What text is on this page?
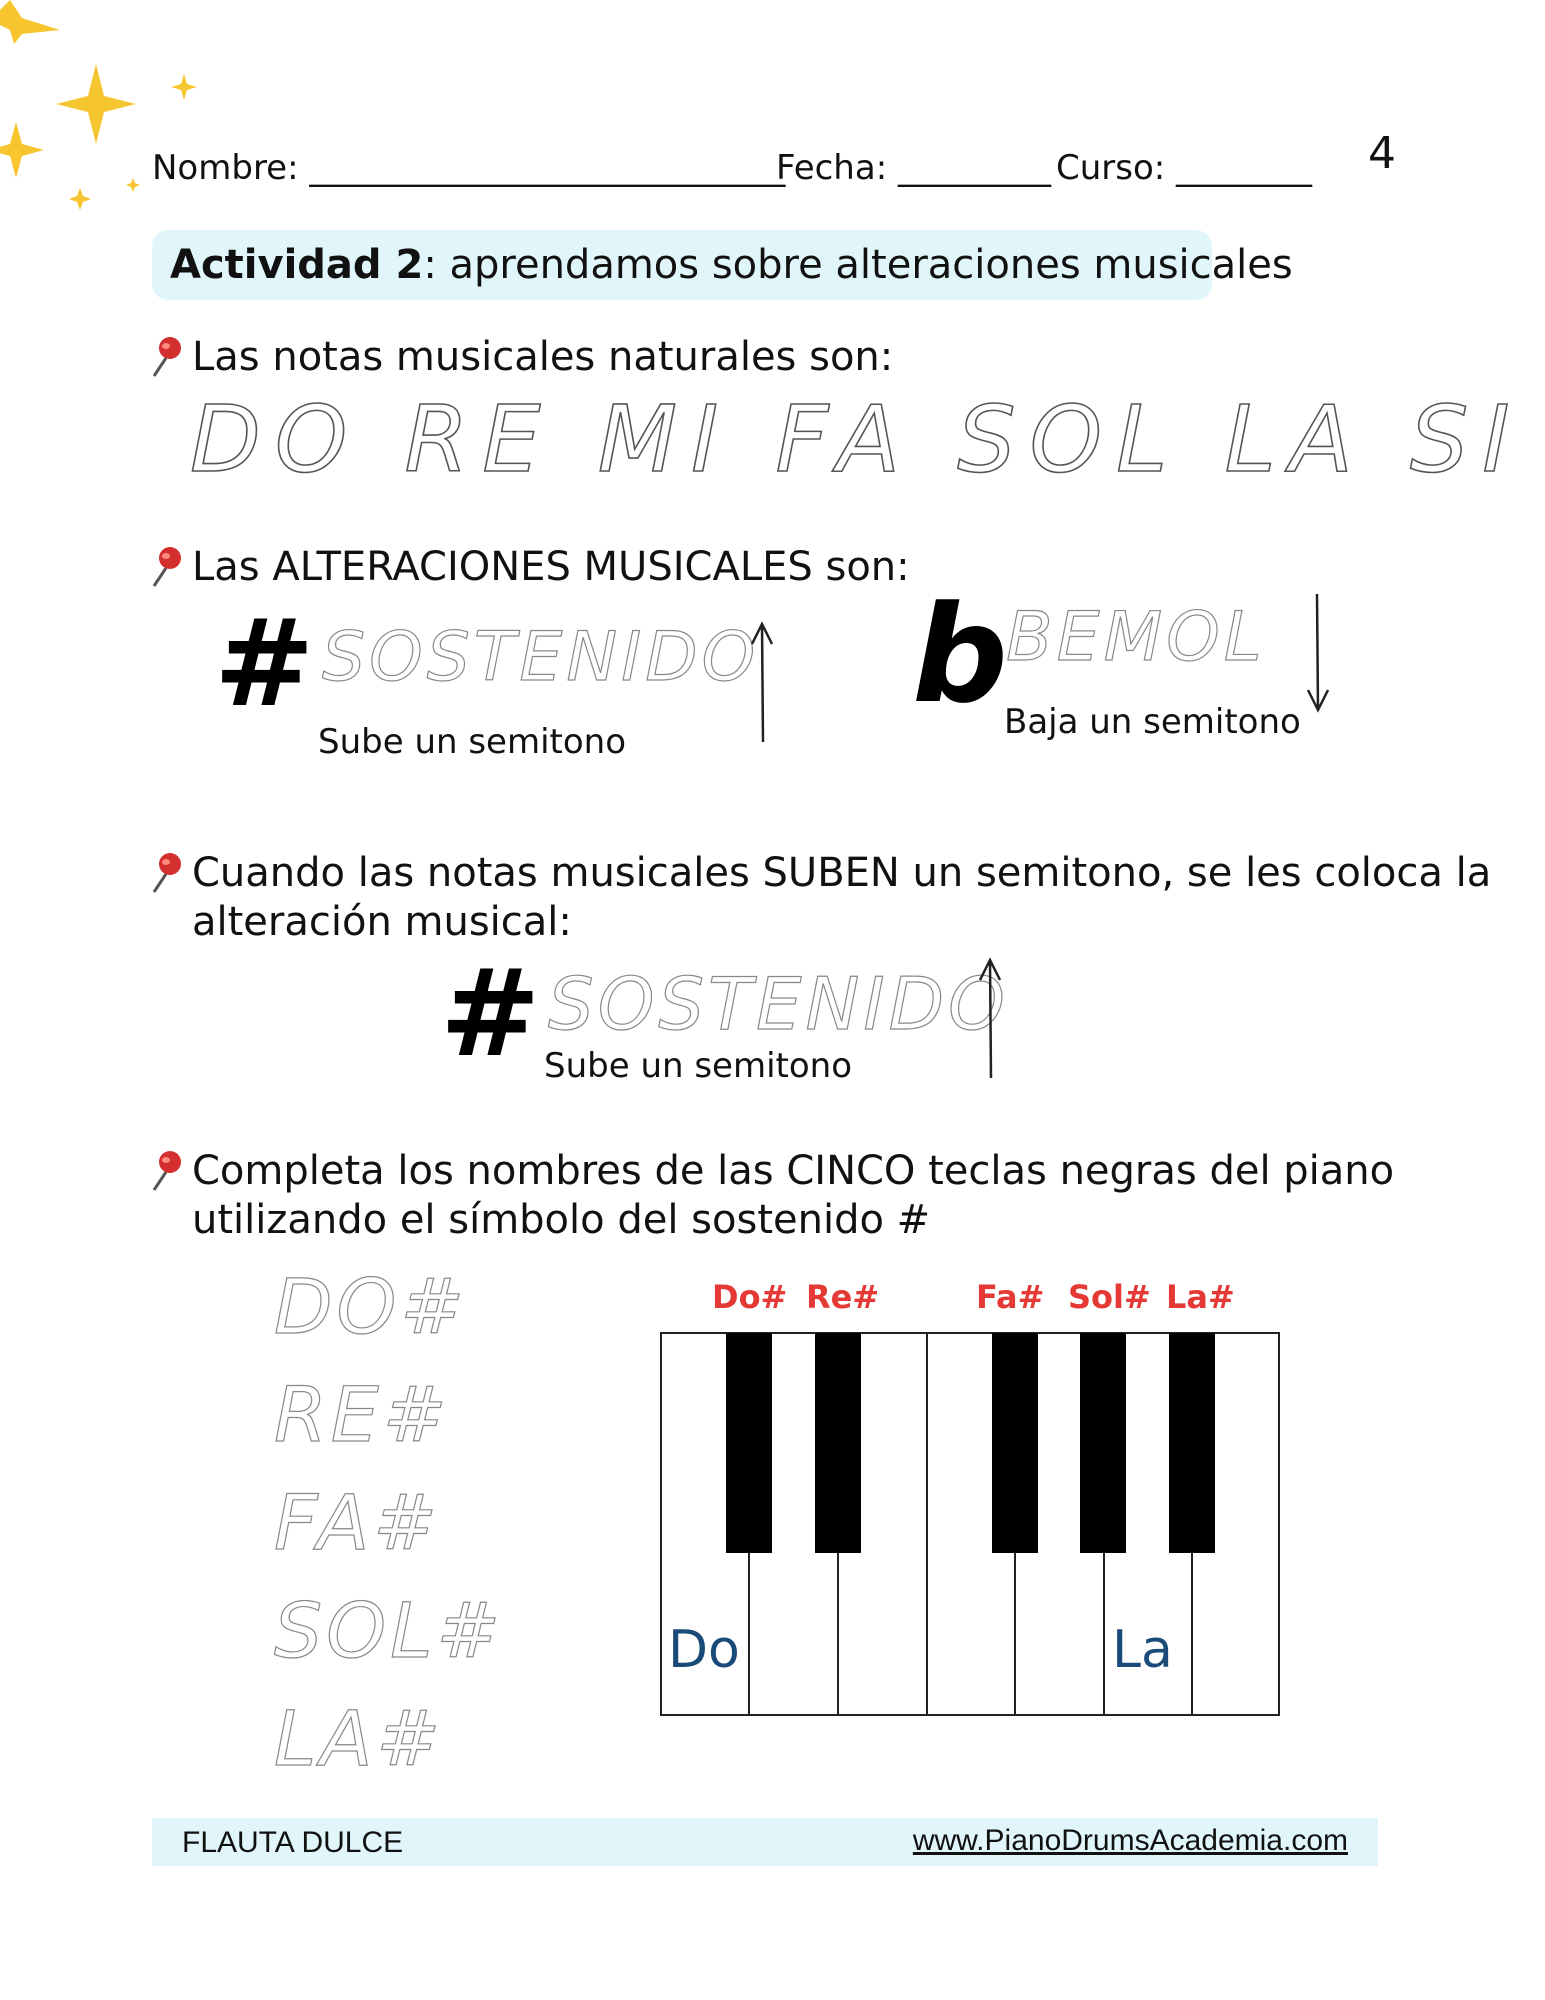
Nombre: ____________________________
Fecha: _________ Curso: ________ 4
Actividad 2: aprendamos sobre alteraciones musicales
Las notas musicales naturales son:
DO RE MI FA SOL LA SI
Las ALTERACIONES MUSICALES son:
# SOSTENIDO
Sube un semitono
b
BEMOL
Baja un semitono
Cuando las notas musicales SUBEN un semitono, se les coloca la
alteración musical:
# SOSTENIDO
Sube un semitono
Completa los nombres de las CINCO teclas negras del piano
utilizando el símbolo del sostenido #
DO#
RE#
FA#
SOL#
LA#
Do# Re#	Fa# Sol# La#
Do	La
FLAUTA DULCE	www.PianoDrumsAcademia.com
